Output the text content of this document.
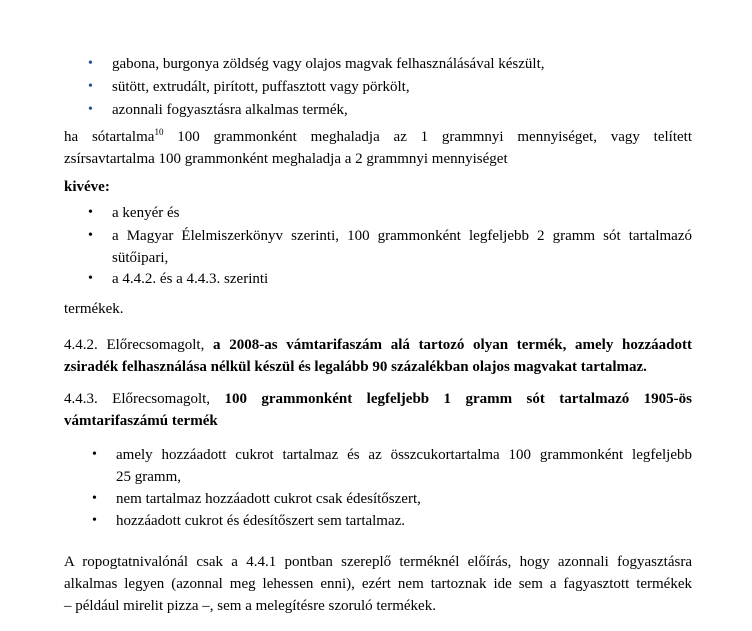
•	gabona, burgonya zöldség vagy olajos magvak felhasználásával készült,
•	sütött, extrudált, pirított, puffasztott vagy pörkölt,
•	azonnali fogyasztásra alkalmas termék,
ha sótartalma$^{10}$ 100 grammonként meghaladja az 1 grammnyi mennyiséget, vagy telített
zsírsavtartalma 100 grammonként meghaladja a 2 grammnyi mennyiséget
kivéve:
•	a kenyér és
•	a Magyar Élelmiszerkönyv szerinti, 100 grammonként legfeljebb 2 gramm sót tartalmazó
sütőipari,
•	a 4.4.2. és a 4.4.3. szerinti
termékek.
4.4.2. Előrecsomagolt, a 2008-as vámtarifaszám alá tartozó olyan termék, amely hozzáadott
zsiradék felhasználása nélkül készül és legalább 90 százalékban olajos magvakat tartalmaz.
4.4.3. Előrecsomagolt, 100 grammonként legfeljebb 1 gramm sót tartalmazó 1905-ös
vámtarifaszámú termék
•	amely hozzáadott cukrot tartalmaz és az összcukortartalma 100 grammonként legfeljebb
25 gramm,
•	nem tartalmaz hozzáadott cukrot csak édesítőszert,
•	hozzáadott cukrot és édesítőszert sem tartalmaz.
A ropogtatnivalónál csak a 4.4.1 pontban szereplő terméknél előírás, hogy azonnali fogyasztásra
alkalmas legyen (azonnal meg lehessen enni), ezért nem tartoznak ide sem a fagyasztott termékek
– például mirelit pizza –, sem a melegítésre szoruló termékek.
